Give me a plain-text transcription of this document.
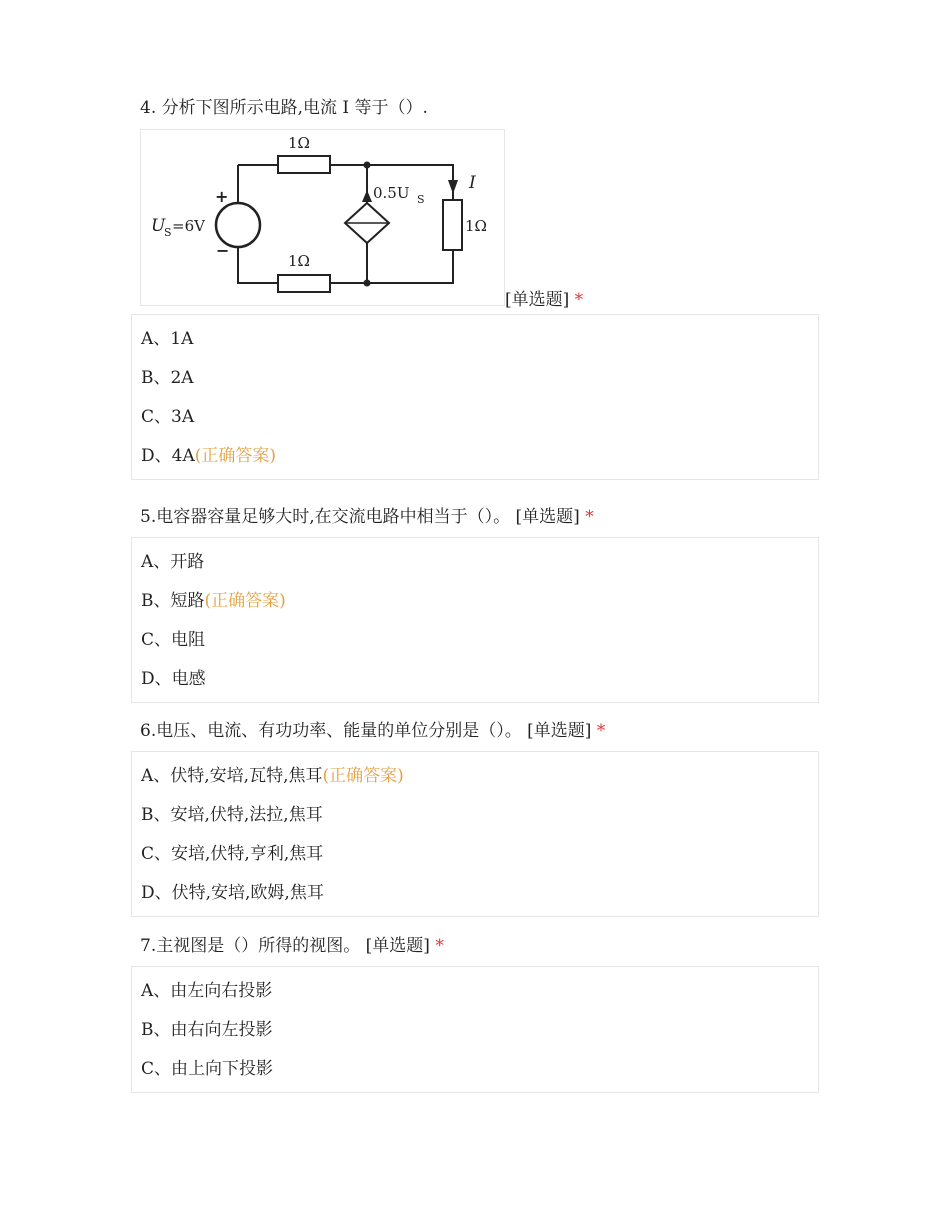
4. 分析下图所示电路,电流 I 等于（）.
1Ω
1Ω
1Ω
U
S =6V
+
−
0.5U S
I
[单选题] *
A、1A
B、2A
C、3A
D、4A (正确答案)
5.电容器容量足够大时,在交流电路中相当于（）。 [单选题] *
A、开路
B、短路 (正确答案)
C、电阻
D、电感
6.电压、电流、有功功率、能量的单位分别是（）。 [单选题] *
A、伏特,安培,瓦特,焦耳 (正确答案)
B、安培,伏特,法拉,焦耳
C、安培,伏特,亨利,焦耳
D、伏特,安培,欧姆,焦耳
7.主视图是（）所得的视图。 [单选题] *
A、由左向右投影
B、由右向左投影
C、由上向下投影
